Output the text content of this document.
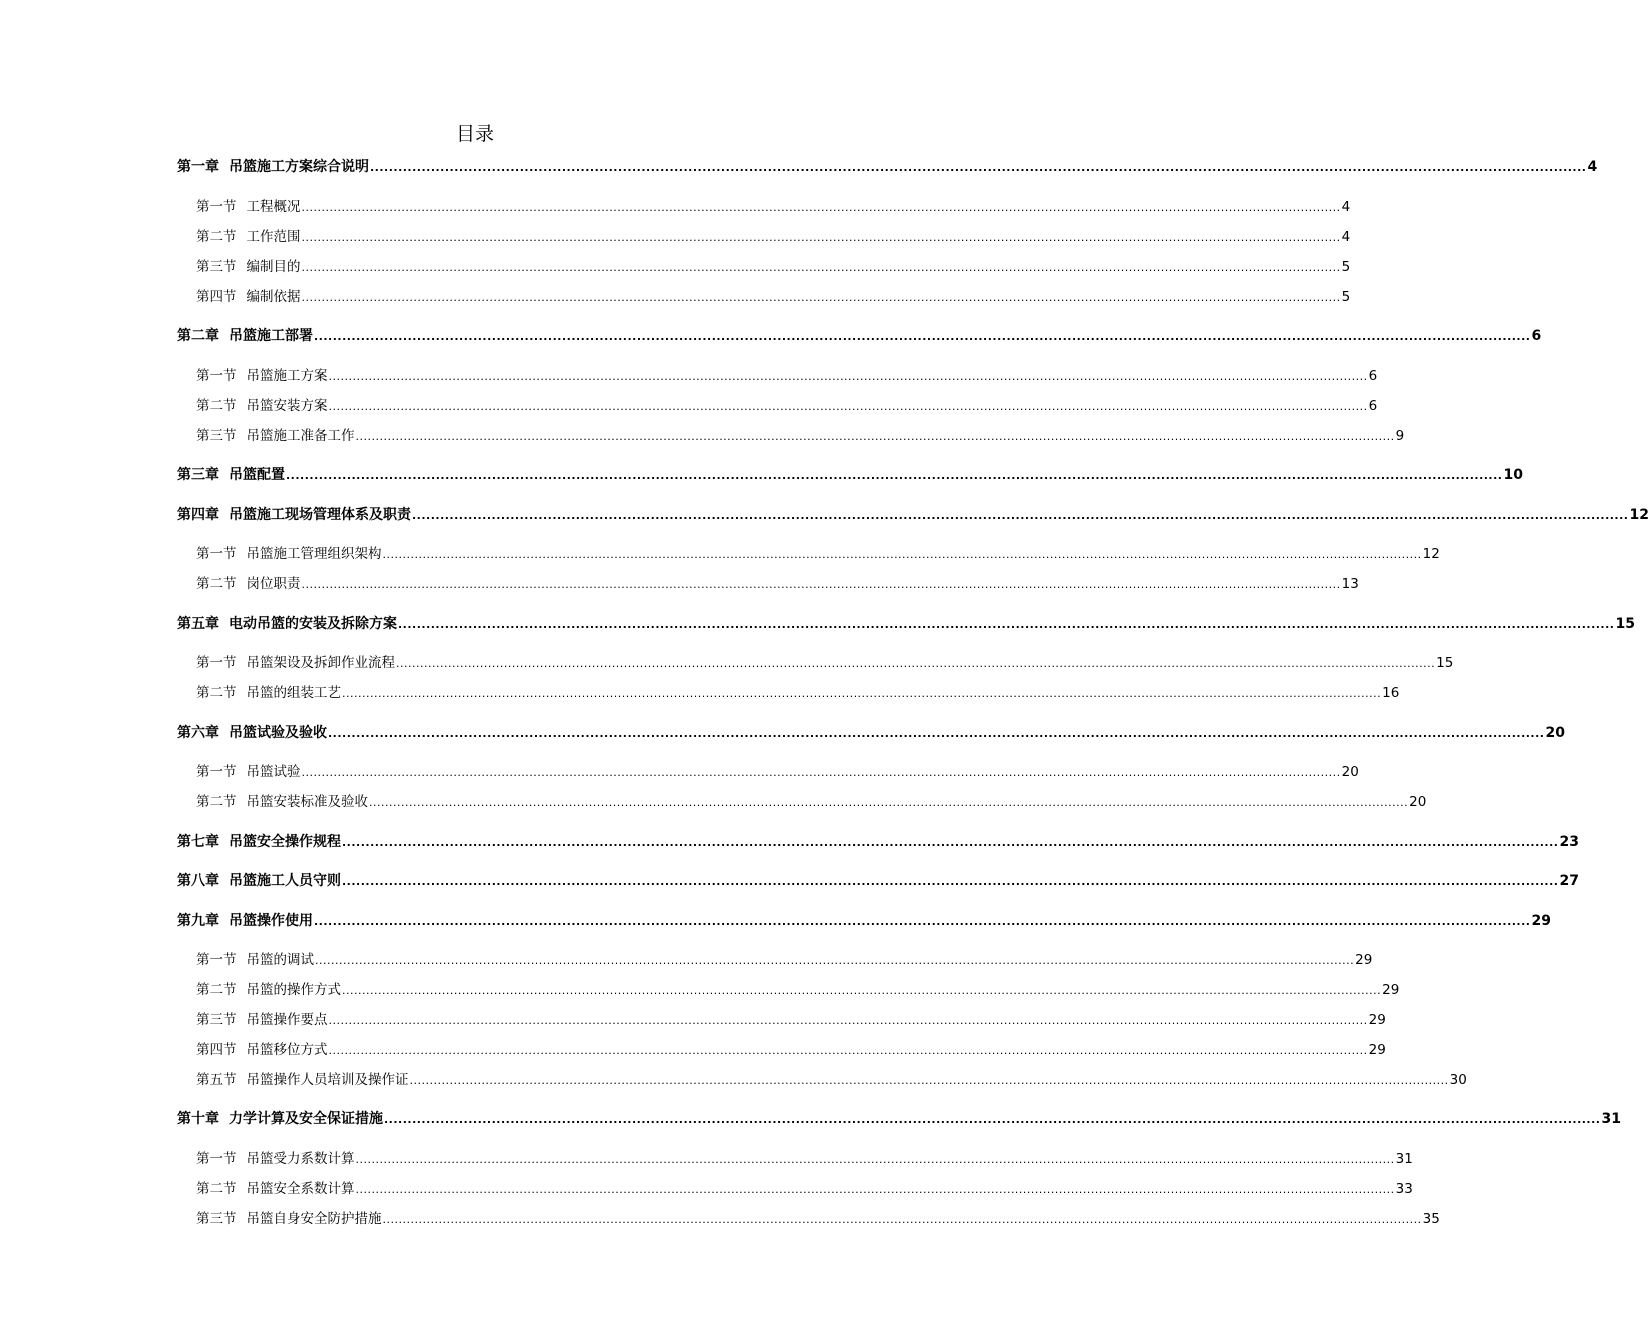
目录
第一章 吊篮施工方案综合说明 .................................................................................................................................................................................................................................................................... 4
第一节 工程概况 .................................................................................................................................................................................................................................................................... 4
第二节 工作范围 .................................................................................................................................................................................................................................................................... 4
第三节 编制目的 .................................................................................................................................................................................................................................................................... 5
第四节 编制依据 .................................................................................................................................................................................................................................................................... 5
第二章 吊篮施工部署 .................................................................................................................................................................................................................................................................... 6
第一节 吊篮施工方案 .................................................................................................................................................................................................................................................................... 6
第二节 吊篮安装方案 .................................................................................................................................................................................................................................................................... 6
第三节 吊篮施工准备工作 .................................................................................................................................................................................................................................................................... 9
第三章 吊篮配置 .................................................................................................................................................................................................................................................................... 10
第四章 吊篮施工现场管理体系及职责 .................................................................................................................................................................................................................................................................... 12
第一节 吊篮施工管理组织架构 .................................................................................................................................................................................................................................................................... 12
第二节 岗位职责 .................................................................................................................................................................................................................................................................... 13
第五章 电动吊篮的安装及拆除方案 .................................................................................................................................................................................................................................................................... 15
第一节 吊篮架设及拆卸作业流程 .................................................................................................................................................................................................................................................................... 15
第二节 吊篮的组装工艺 .................................................................................................................................................................................................................................................................... 16
第六章 吊篮试验及验收 .................................................................................................................................................................................................................................................................... 20
第一节 吊篮试验 .................................................................................................................................................................................................................................................................... 20
第二节 吊篮安装标准及验收 .................................................................................................................................................................................................................................................................... 20
第七章 吊篮安全操作规程 .................................................................................................................................................................................................................................................................... 23
第八章 吊篮施工人员守则 .................................................................................................................................................................................................................................................................... 27
第九章 吊篮操作使用 .................................................................................................................................................................................................................................................................... 29
第一节 吊篮的调试 .................................................................................................................................................................................................................................................................... 29
第二节 吊篮的操作方式 .................................................................................................................................................................................................................................................................... 29
第三节 吊篮操作要点 .................................................................................................................................................................................................................................................................... 29
第四节 吊篮移位方式 .................................................................................................................................................................................................................................................................... 29
第五节 吊篮操作人员培训及操作证 .................................................................................................................................................................................................................................................................... 30
第十章 力学计算及安全保证措施 .................................................................................................................................................................................................................................................................... 31
第一节 吊篮受力系数计算 .................................................................................................................................................................................................................................................................... 31
第二节 吊篮安全系数计算 .................................................................................................................................................................................................................................................................... 33
第三节 吊篮自身安全防护措施 .................................................................................................................................................................................................................................................................... 35
